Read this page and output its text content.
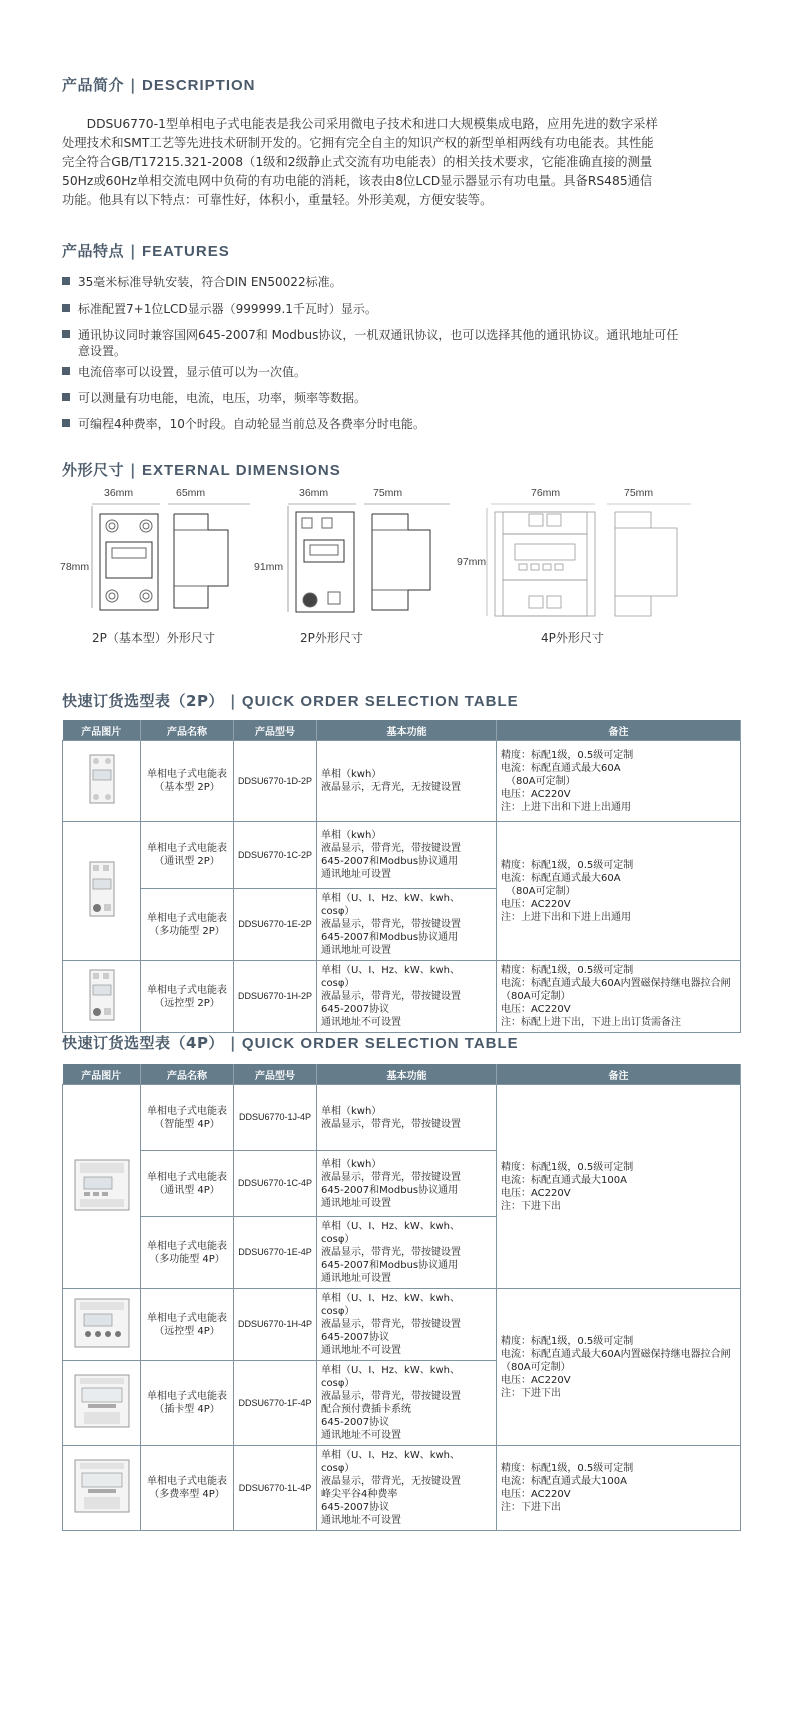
产品简介 | DESCRIPTION
　　DDSU6770-1型单相电子式电能表是我公司采用微电子技术和进口大规模集成电路，应用先进的数字采样处理技术和SMT工艺等先进技术研制开发的。它拥有完全自主的知识产权的新型单相两线有功电能表。其性能完全符合GB/T17215.321-2008（1级和2级静止式交流有功电能表）的相关技术要求，它能准确直接的测量50Hz或60Hz单相交流电网中负荷的有功电能的消耗，该表由8位LCD显示器显示有功电量。具备RS485通信功能。他具有以下特点：可靠性好，体积小，重量轻。外形美观，方便安装等。
产品特点 | FEATURES
35毫米标准导轨安装，符合DIN EN50022标准。
标准配置7+1位LCD显示器（999999.1千瓦时）显示。
通讯协议同时兼容国网645-2007和 Modbus协议，一机双通讯协议，也可以选择其他的通讯协议。通讯地址可任意设置。
电流倍率可以设置，显示值可以为一次值。
可以测量有功电能，电流，电压，功率，频率等数据。
可编程4种费率，10个时段。自动轮显当前总及各费率分时电能。
外形尺寸 | EXTERNAL DIMENSIONS
36mm	65mm
78mm
2P（基本型）外形尺寸
36mm	75mm
91mm
2P外形尺寸
76mm	75mm
97mm
4P外形尺寸
快速订货选型表（2P） | QUICK ORDER SELECTION TABLE
产品图片	产品名称	产品型号	基本功能	备注

单相电子式电能表
（基本型 2P）	DDSU6770-1D-2P	单相（kwh）
液晶显示，无背光，无按键设置	精度：标配1级，0.5级可定制
电流：标配直通式最大60A
　（80A可定制）
电压：AC220V
注：上进下出和下进上出通用

单相电子式电能表
（通讯型 2P）	DDSU6770-1C-2P	单相（kwh）
液晶显示，带背光，带按键设置
645-2007和Modbus协议通用
通讯地址可设置	精度：标配1级，0.5级可定制
电流：标配直通式最大60A
　（80A可定制）
电压：AC220V
注：上进下出和下进上出通用

	单相电子式电能表
（多功能型 2P）	DDSU6770-1E-2P	单相（U、I、Hz、kW、kwh、cosφ）
液晶显示，带背光，带按键设置
645-2007和Modbus协议通用
通讯地址可设置	

单相电子式电能表
（远控型 2P）	DDSU6770-1H-2P	单相（U、I、Hz、kW、kwh、cosφ）
液晶显示，带背光，带按键设置
645-2007协议
通讯地址不可设置	精度：标配1级，0.5级可定制
电流：标配直通式最大60A内置磁保持继电器拉合闸（80A可定制）
电压：AC220V
注：标配上进下出，下进上出订货需备注
快速订货选型表（4P） | QUICK ORDER SELECTION TABLE
产品图片	产品名称	产品型号	基本功能	备注

单相电子式电能表
（智能型 4P）	DDSU6770-1J-4P	单相（kwh）
液晶显示，带背光，带按键设置	精度：标配1级，0.5级可定制
电流：标配直通式最大100A
电压：AC220V
注：下进下出

	单相电子式电能表
（通讯型 4P）	DDSU6770-1C-4P	单相（kwh）
液晶显示，带背光，带按键设置
645-2007和Modbus协议通用
通讯地址可设置	

	单相电子式电能表
（多功能型 4P）	DDSU6770-1E-4P	单相（U、I、Hz、kW、kwh、cosφ）
液晶显示，带背光，带按键设置
645-2007和Modbus协议通用
通讯地址可设置	

单相电子式电能表
（远控型 4P）	DDSU6770-1H-4P	单相（U、I、Hz、kW、kwh、cosφ）
液晶显示，带背光，带按键设置
645-2007协议
通讯地址不可设置	精度：标配1级，0.5级可定制
电流：标配直通式最大60A内置磁保持继电器拉合闸（80A可定制）
电压：AC220V
注：下进下出

单相电子式电能表
（插卡型 4P）	DDSU6770-1F-4P	单相（U、I、Hz、kW、kwh、cosφ）
液晶显示，带背光，带按键设置
配合预付费插卡系统
645-2007协议
通讯地址不可设置	

单相电子式电能表
（多费率型 4P）	DDSU6770-1L-4P	单相（U、I、Hz、kW、kwh、cosφ）
液晶显示，带背光，无按键设置
峰尖平谷4种费率
645-2007协议
通讯地址不可设置	精度：标配1级，0.5级可定制
电流：标配直通式最大100A
电压：AC220V
注：下进下出
